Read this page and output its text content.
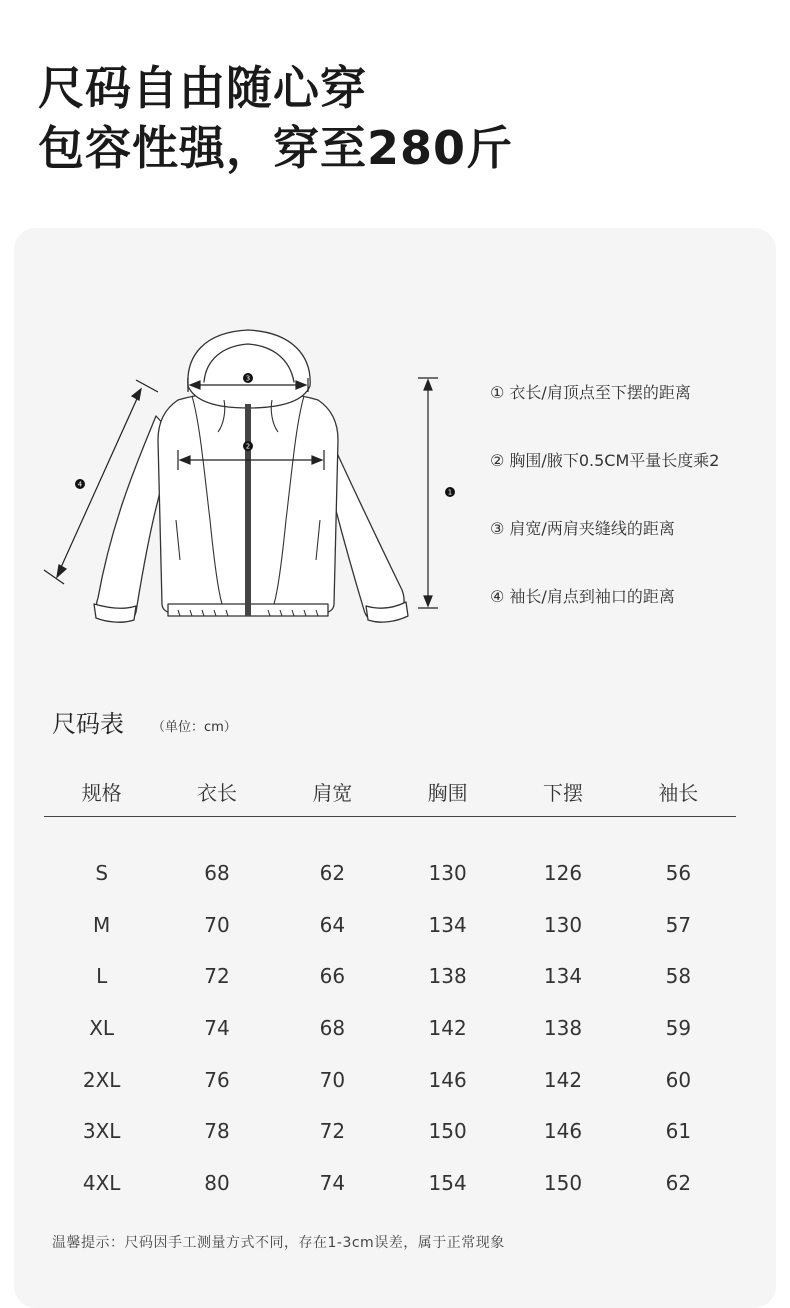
尺码自由随心穿
包容性强，穿至280斤
1
2
3
4
① 衣长/肩顶点至下摆的距离
② 胸围/腋下0.5CM平量长度乘2
③ 肩宽/两肩夹缝线的距离
④ 袖长/肩点到袖口的距离
尺码表 （单位：cm）
规格	衣长	肩宽	胸围	下摆	袖长

S	68	62	130	126	56
M	70	64	134	130	57
L	72	66	138	134	58
XL	74	68	142	138	59
2XL	76	70	146	142	60
3XL	78	72	150	146	61
4XL	80	74	154	150	62
温馨提示：尺码因手工测量方式不同，存在1-3cm误差，属于正常现象
